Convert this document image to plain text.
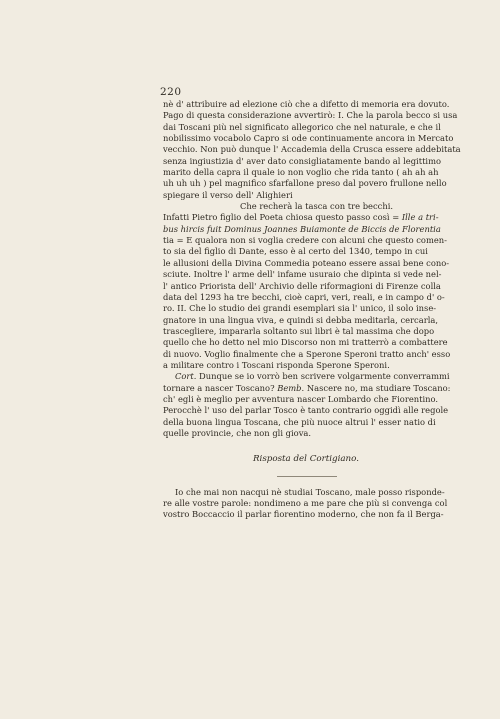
220
nè d' attribuire ad elezione ciò che a difetto di memoria era dovuto.
Pago di questa considerazione avvertirò: I. Che la parola becco si usa
dai Toscani più nel significato allegorico che nel naturale, e che il
nobilissimo vocabolo Capro si ode continuamente ancora in Mercato
vecchio. Non può dunque l' Accademia della Crusca essere addebitata
senza ingiustizia d' aver dato consigliatamente bando al legittimo
marito della capra il quale io non voglio che rida tanto ( ah ah ah
uh uh uh ) pel magnifico sfarfallone preso dal povero frullone nello
spiegare il verso dell' Alighieri
Che recherà la tasca con tre becchi.
Infatti Pietro figlio del Poeta chiosa questo passo così = Ille a tri-
bus hircis fuit Dominus Joannes Buiamonte de Biccis de Florentia
tia = E qualora non si voglia credere con alcuni che questo comen-
to sia del figlio di Dante, esso è al certo del 1340, tempo in cui
le allusioni della Divina Commedia poteano essere assai bene cono-
sciute. Inoltre l' arme dell' infame usuraio che dipinta si vede nel-
l' antico Priorista dell' Archivio delle riformagioni di Firenze colla
data del 1293 ha tre becchi, cioè capri, veri, reali, e in campo d' o-
ro. II. Che lo studio dei grandi esemplari sia l' unico, il solo inse-
gnatore in una lingua viva, e quindi si debba meditarla, cercarla,
trascegliere, impararla soltanto sui libri è tal massima che dopo
quello che ho detto nel mio Discorso non mi tratterrò a combattere
di nuovo. Voglio finalmente che a Sperone Speroni tratto anch' esso
a militare contro i Toscani risponda Sperone Speroni.
Cort. Dunque se io vorrò ben scrivere volgarmente converrammi
tornare a nascer Toscano? Bemb. Nascere no, ma studiare Toscano:
ch' egli è meglio per avventura nascer Lombardo che Fiorentino.
Perocchè l' uso del parlar Tosco è tanto contrario oggidì alle regole
della buona lingua Toscana, che più nuoce altrui l' esser natio di
quelle provincie, che non gli giova.
Risposta del Cortigiano.
Io che mai non nacqui nè studiai Toscano, male posso risponde-
re alle vostre parole: nondimeno a me pare che più si convenga col
vostro Boccaccio il parlar fiorentino moderno, che non fa il Berga-
